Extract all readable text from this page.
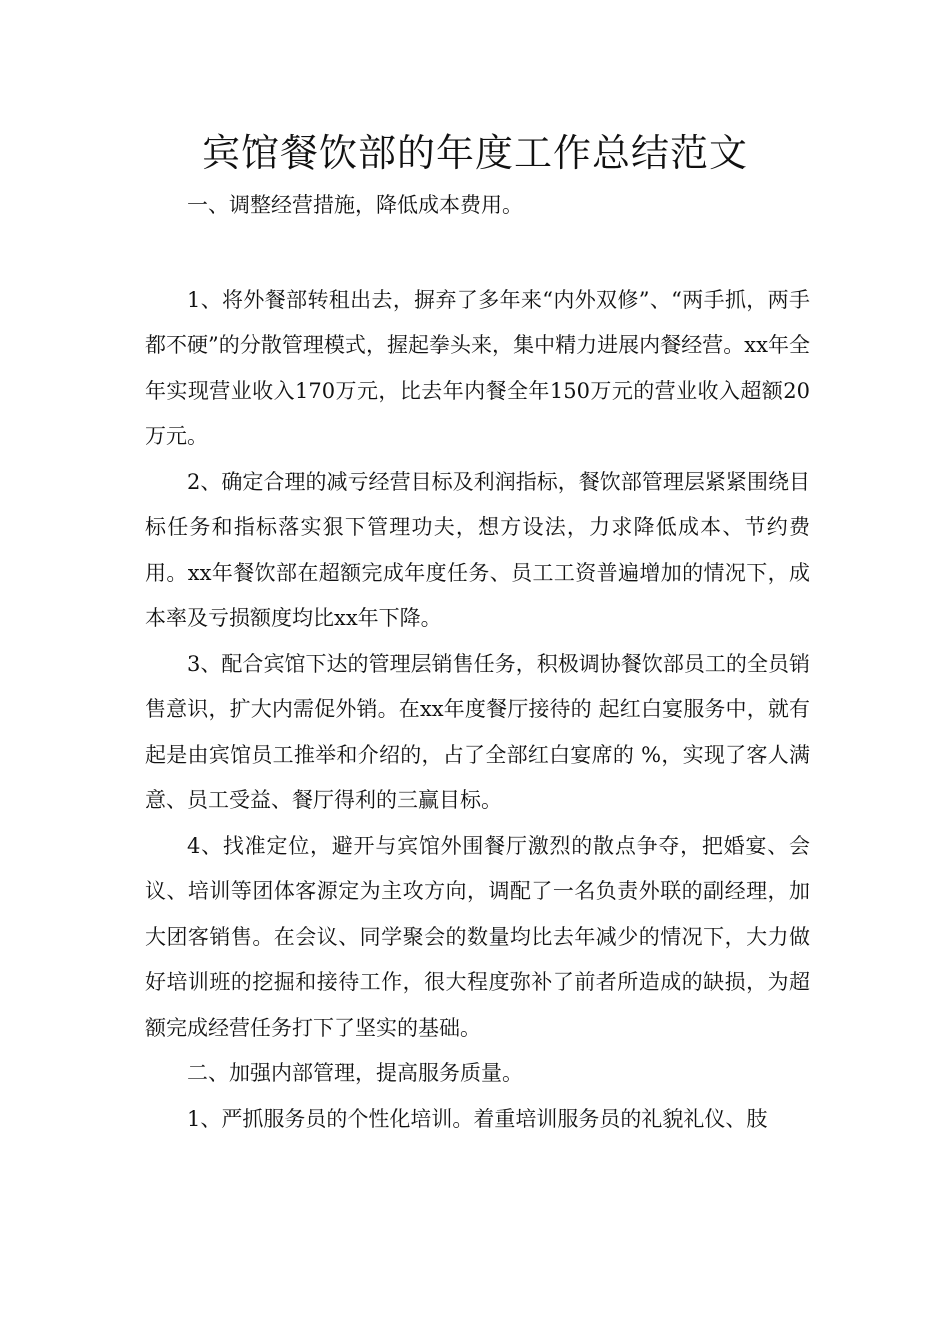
宾馆餐饮部的年度工作总结范文

一、调整经营措施，降低成本费用。

1、将外餐部转租出去，摒弃了多年来“内外双修”、“两手抓，两手都不硬”的分散管理模式，握起拳头来，集中精力进展内餐经营。xx年全年实现营业收入170万元，比去年内餐全年150万元的营业收入超额20万元。

2、确定合理的减亏经营目标及利润指标，餐饮部管理层紧紧围绕目标任务和指标落实狠下管理功夫，想方设法，力求降低成本、节约费用。xx年餐饮部在超额完成年度任务、员工工资普遍增加的情况下，成本率及亏损额度均比xx年下降。

3、配合宾馆下达的管理层销售任务，积极调协餐饮部员工的全员销售意识，扩大内需促外销。在xx年度餐厅接待的 起红白宴服务中，就有 起是由宾馆员工推举和介绍的，占了全部红白宴席的 %，实现了客人满意、员工受益、餐厅得利的三赢目标。

4、找准定位，避开与宾馆外围餐厅激烈的散点争夺，把婚宴、会议、培训等团体客源定为主攻方向，调配了一名负责外联的副经理，加大团客销售。在会议、同学聚会的数量均比去年减少的情况下，大力做好培训班的挖掘和接待工作，很大程度弥补了前者所造成的缺损，为超额完成经营任务打下了坚实的基础。

二、加强内部管理，提高服务质量。

1、严抓服务员的个性化培训。着重培训服务员的礼貌礼仪、肢
